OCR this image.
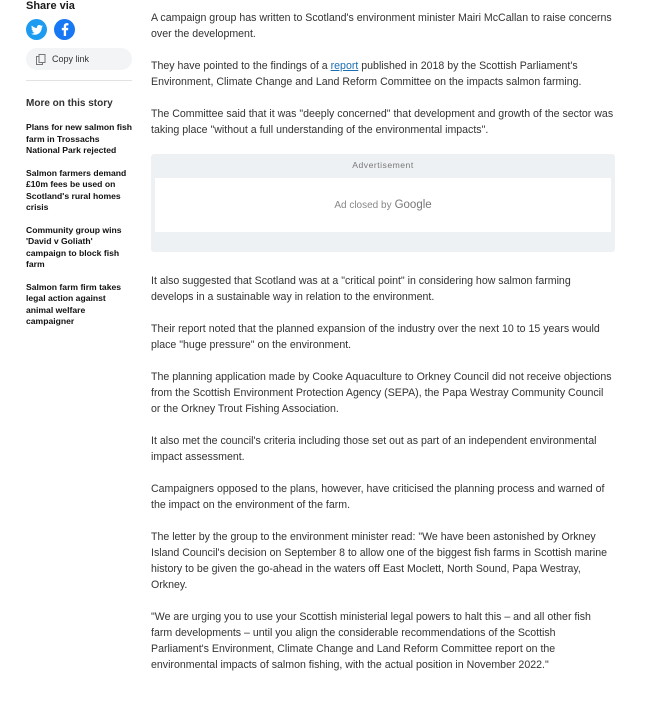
Share via
Copy link
More on this story
Plans for new salmon fish farm in Trossachs National Park rejected
Salmon farmers demand £10m fees be used on Scotland's rural homes crisis
Community group wins 'David v Goliath' campaign to block fish farm
Salmon farm firm takes legal action against animal welfare campaigner

A campaign group has written to Scotland's environment minister Mairi McCallan to raise concerns over the development.

They have pointed to the findings of a report published in 2018 by the Scottish Parliament's Environment, Climate Change and Land Reform Committee on the impacts salmon farming.

The Committee said that it was "deeply concerned" that development and growth of the sector was taking place "without a full understanding of the environmental impacts".

Advertisement
Ad closed by Google

It also suggested that Scotland was at a "critical point" in considering how salmon farming develops in a sustainable way in relation to the environment.

Their report noted that the planned expansion of the industry over the next 10 to 15 years would place "huge pressure" on the environment.

The planning application made by Cooke Aquaculture to Orkney Council did not receive objections from the Scottish Environment Protection Agency (SEPA), the Papa Westray Community Council or the Orkney Trout Fishing Association.

It also met the council's criteria including those set out as part of an independent environmental impact assessment.

Campaigners opposed to the plans, however, have criticised the planning process and warned of the impact on the environment of the farm.

The letter by the group to the environment minister read: "We have been astonished by Orkney Island Council's decision on September 8 to allow one of the biggest fish farms in Scottish marine history to be given the go-ahead in the waters off East Moclett, North Sound, Papa Westray, Orkney.

"We are urging you to use your Scottish ministerial legal powers to halt this – and all other fish farm developments – until you align the considerable recommendations of the Scottish Parliament's Environment, Climate Change and Land Reform Committee report on the environmental impacts of salmon fishing, with the actual position in November 2022."
